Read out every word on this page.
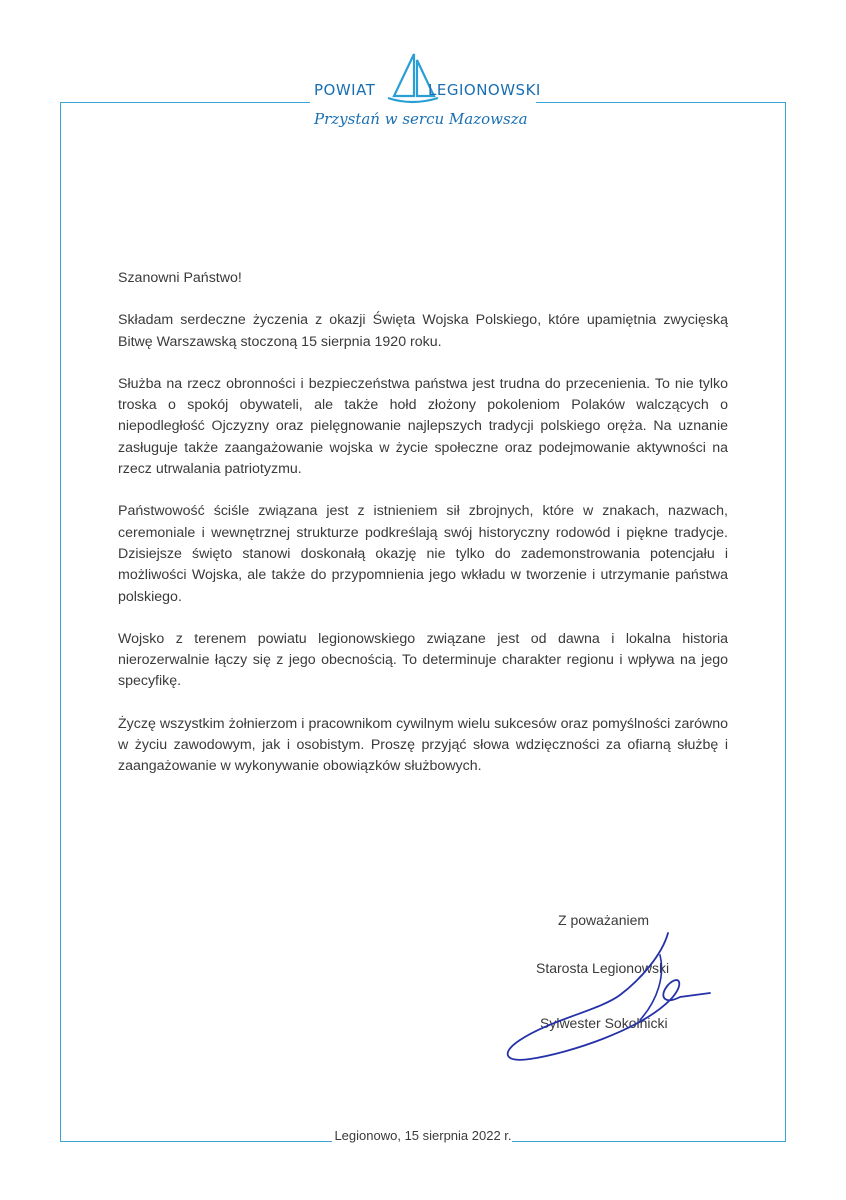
POWIAT	LEGIONOWSKI
Przystań w sercu Mazowsza

Szanowni Państwo!

Składam serdeczne życzenia z okazji Święta Wojska Polskiego, które upamiętnia zwycięską Bitwę Warszawską stoczoną 15 sierpnia 1920 roku.

Służba na rzecz obronności i bezpieczeństwa państwa jest trudna do przecenienia. To nie tylko troska o spokój obywateli, ale także hołd złożony pokoleniom Polaków walczących o niepodległość Ojczyzny oraz pielęgnowanie najlepszych tradycji polskiego oręża. Na uznanie zasługuje także zaangażowanie wojska w życie społeczne oraz podejmowanie aktywności na rzecz utrwalania patriotyzmu.

Państwowość ściśle związana jest z istnieniem sił zbrojnych, które w znakach, nazwach, ceremoniale i wewnętrznej strukturze podkreślają swój historyczny rodowód i piękne tradycje. Dzisiejsze święto stanowi doskonałą okazję nie tylko do zademonstrowania potencjału i możliwości Wojska, ale także do przypomnienia jego wkładu w tworzenie i utrzymanie państwa polskiego.

Wojsko z terenem powiatu legionowskiego związane jest od dawna i lokalna historia nierozerwalnie łączy się z jego obecnością. To determinuje charakter regionu i wpływa na jego specyfikę.

Życzę wszystkim żołnierzom i pracownikom cywilnym wielu sukcesów oraz pomyślności zarówno w życiu zawodowym, jak i osobistym. Proszę przyjąć słowa wdzięczności za ofiarną służbę i zaangażowanie w wykonywanie obowiązków służbowych.

Z poważaniem
Starosta Legionowski
Sylwester Sokolnicki
Legionowo, 15 sierpnia 2022 r.
